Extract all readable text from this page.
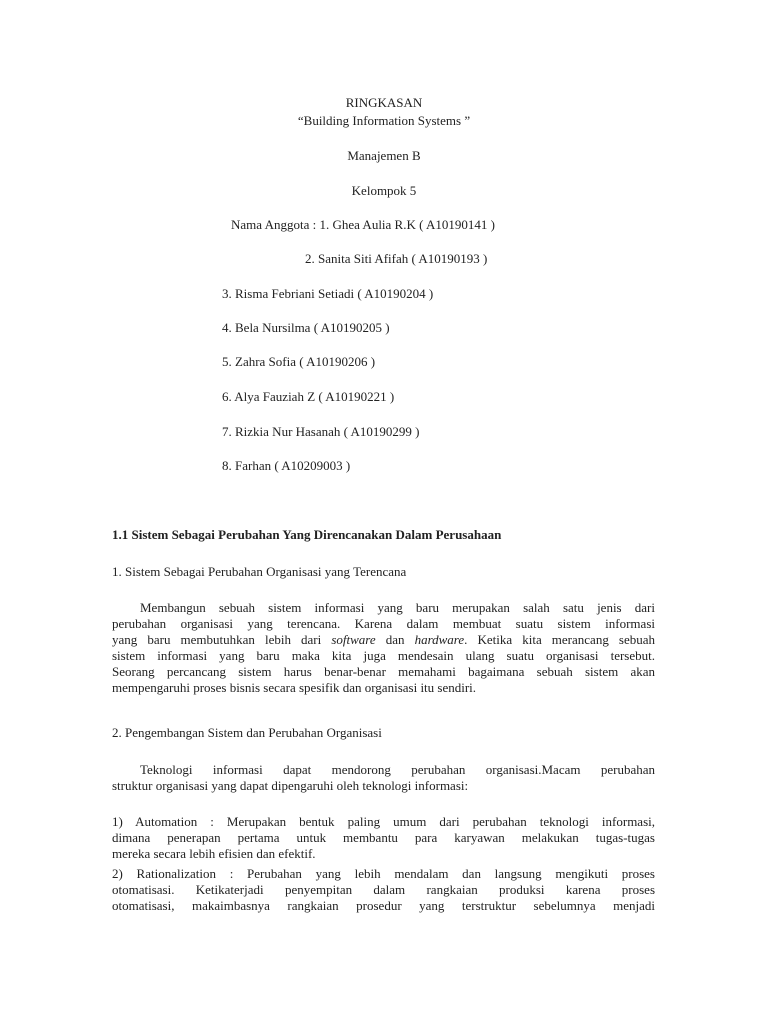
RINGKASAN
“Building Information Systems ”
Manajemen B
Kelompok 5
Nama Anggota : 1. Ghea Aulia R.K ( A10190141 )
2. Sanita Siti Afifah ( A10190193 )
3. Risma Febriani Setiadi ( A10190204 )
4. Bela Nursilma ( A10190205 )
5. Zahra Sofia ( A10190206 )
6. Alya Fauziah Z ( A10190221 )
7. Rizkia Nur Hasanah ( A10190299 )
8. Farhan ( A10209003 )
1.1 Sistem Sebagai Perubahan Yang Direncanakan Dalam Perusahaan
1. Sistem Sebagai Perubahan Organisasi yang Terencana
Membangun sebuah sistem informasi yang baru merupakan salah satu jenis dari
perubahan organisasi yang terencana. Karena dalam membuat suatu sistem informasi
yang baru membutuhkan lebih dari software dan hardware. Ketika kita merancang sebuah
sistem informasi yang baru maka kita juga mendesain ulang suatu organisasi tersebut.
Seorang percancang sistem harus benar-benar memahami bagaimana sebuah sistem akan
mempengaruhi proses bisnis secara spesifik dan organisasi itu sendiri.
2. Pengembangan Sistem dan Perubahan Organisasi
Teknologi informasi dapat mendorong perubahan organisasi.Macam perubahan
struktur organisasi yang dapat dipengaruhi oleh teknologi informasi:
1) Automation : Merupakan bentuk paling umum dari perubahan teknologi informasi,
dimana penerapan pertama untuk membantu para karyawan melakukan tugas-tugas
mereka secara lebih efisien dan efektif.
2) Rationalization : Perubahan yang lebih mendalam dan langsung mengikuti proses
otomatisasi. Ketikaterjadi penyempitan dalam rangkaian produksi karena proses
otomatisasi, makaimbasnya rangkaian prosedur yang terstruktur sebelumnya menjadi
